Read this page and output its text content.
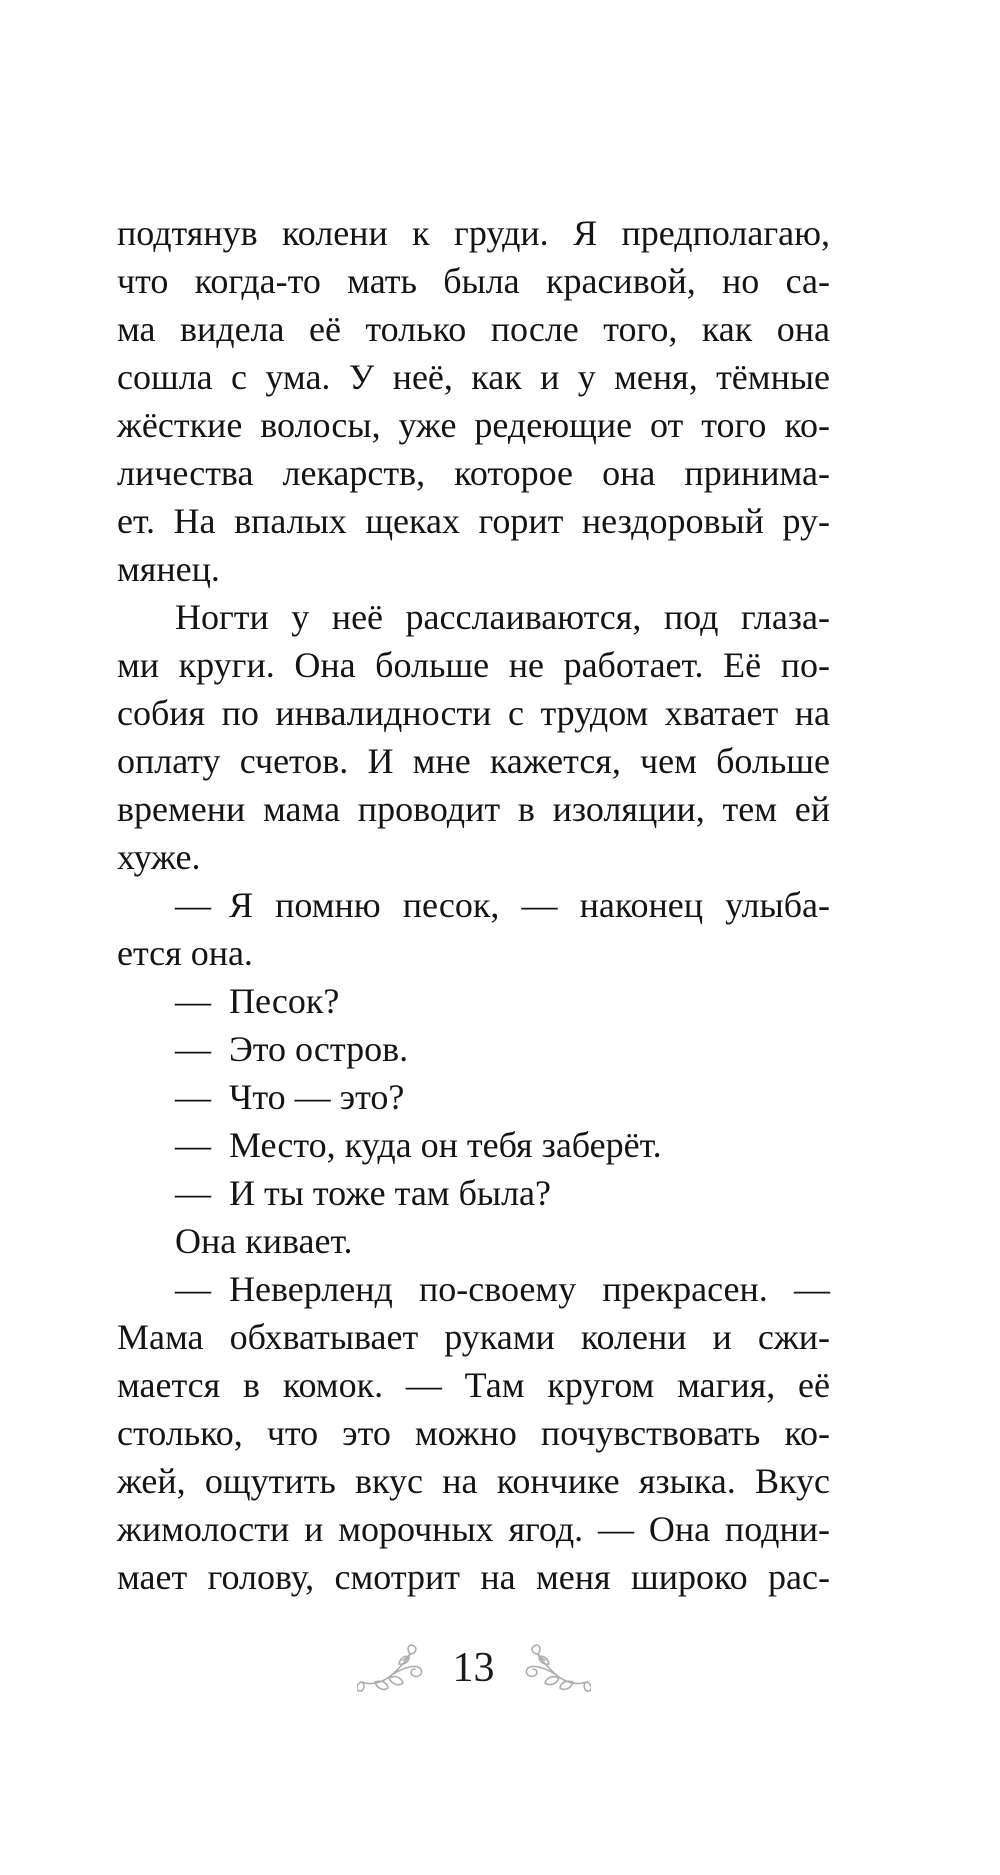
подтянув колени к груди. Я предполагаю,
что когда-то мать была красивой, но са-
ма видела её только после того, как она
сошла с ума. У неё, как и у меня, тёмные
жёсткие волосы, уже редеющие от того ко-
личества лекарств, которое она принима-
ет. На впалых щеках горит нездоровый ру-
мянец.
Ногти у неё расслаиваются, под глаза-
ми круги. Она больше не работает. Её по-
собия по инвалидности с трудом хватает на
оплату счетов. И мне кажется, чем больше
времени мама проводит в изоляции, тем ей
хуже.
— Я помню песок, — наконец улыба-
ется она.
— Песок?
— Это остров.
— Что — это?
— Место, куда он тебя заберёт.
— И ты тоже там была?
Она кивает.
— Неверленд по-своему прекрасен. —
Мама обхватывает руками колени и сжи-
мается в комок. — Там кругом магия, её
столько, что это можно почувствовать ко-
жей, ощутить вкус на кончике языка. Вкус
жимолости и морочных ягод. — Она подни-
мает голову, смотрит на меня широко рас-
13
